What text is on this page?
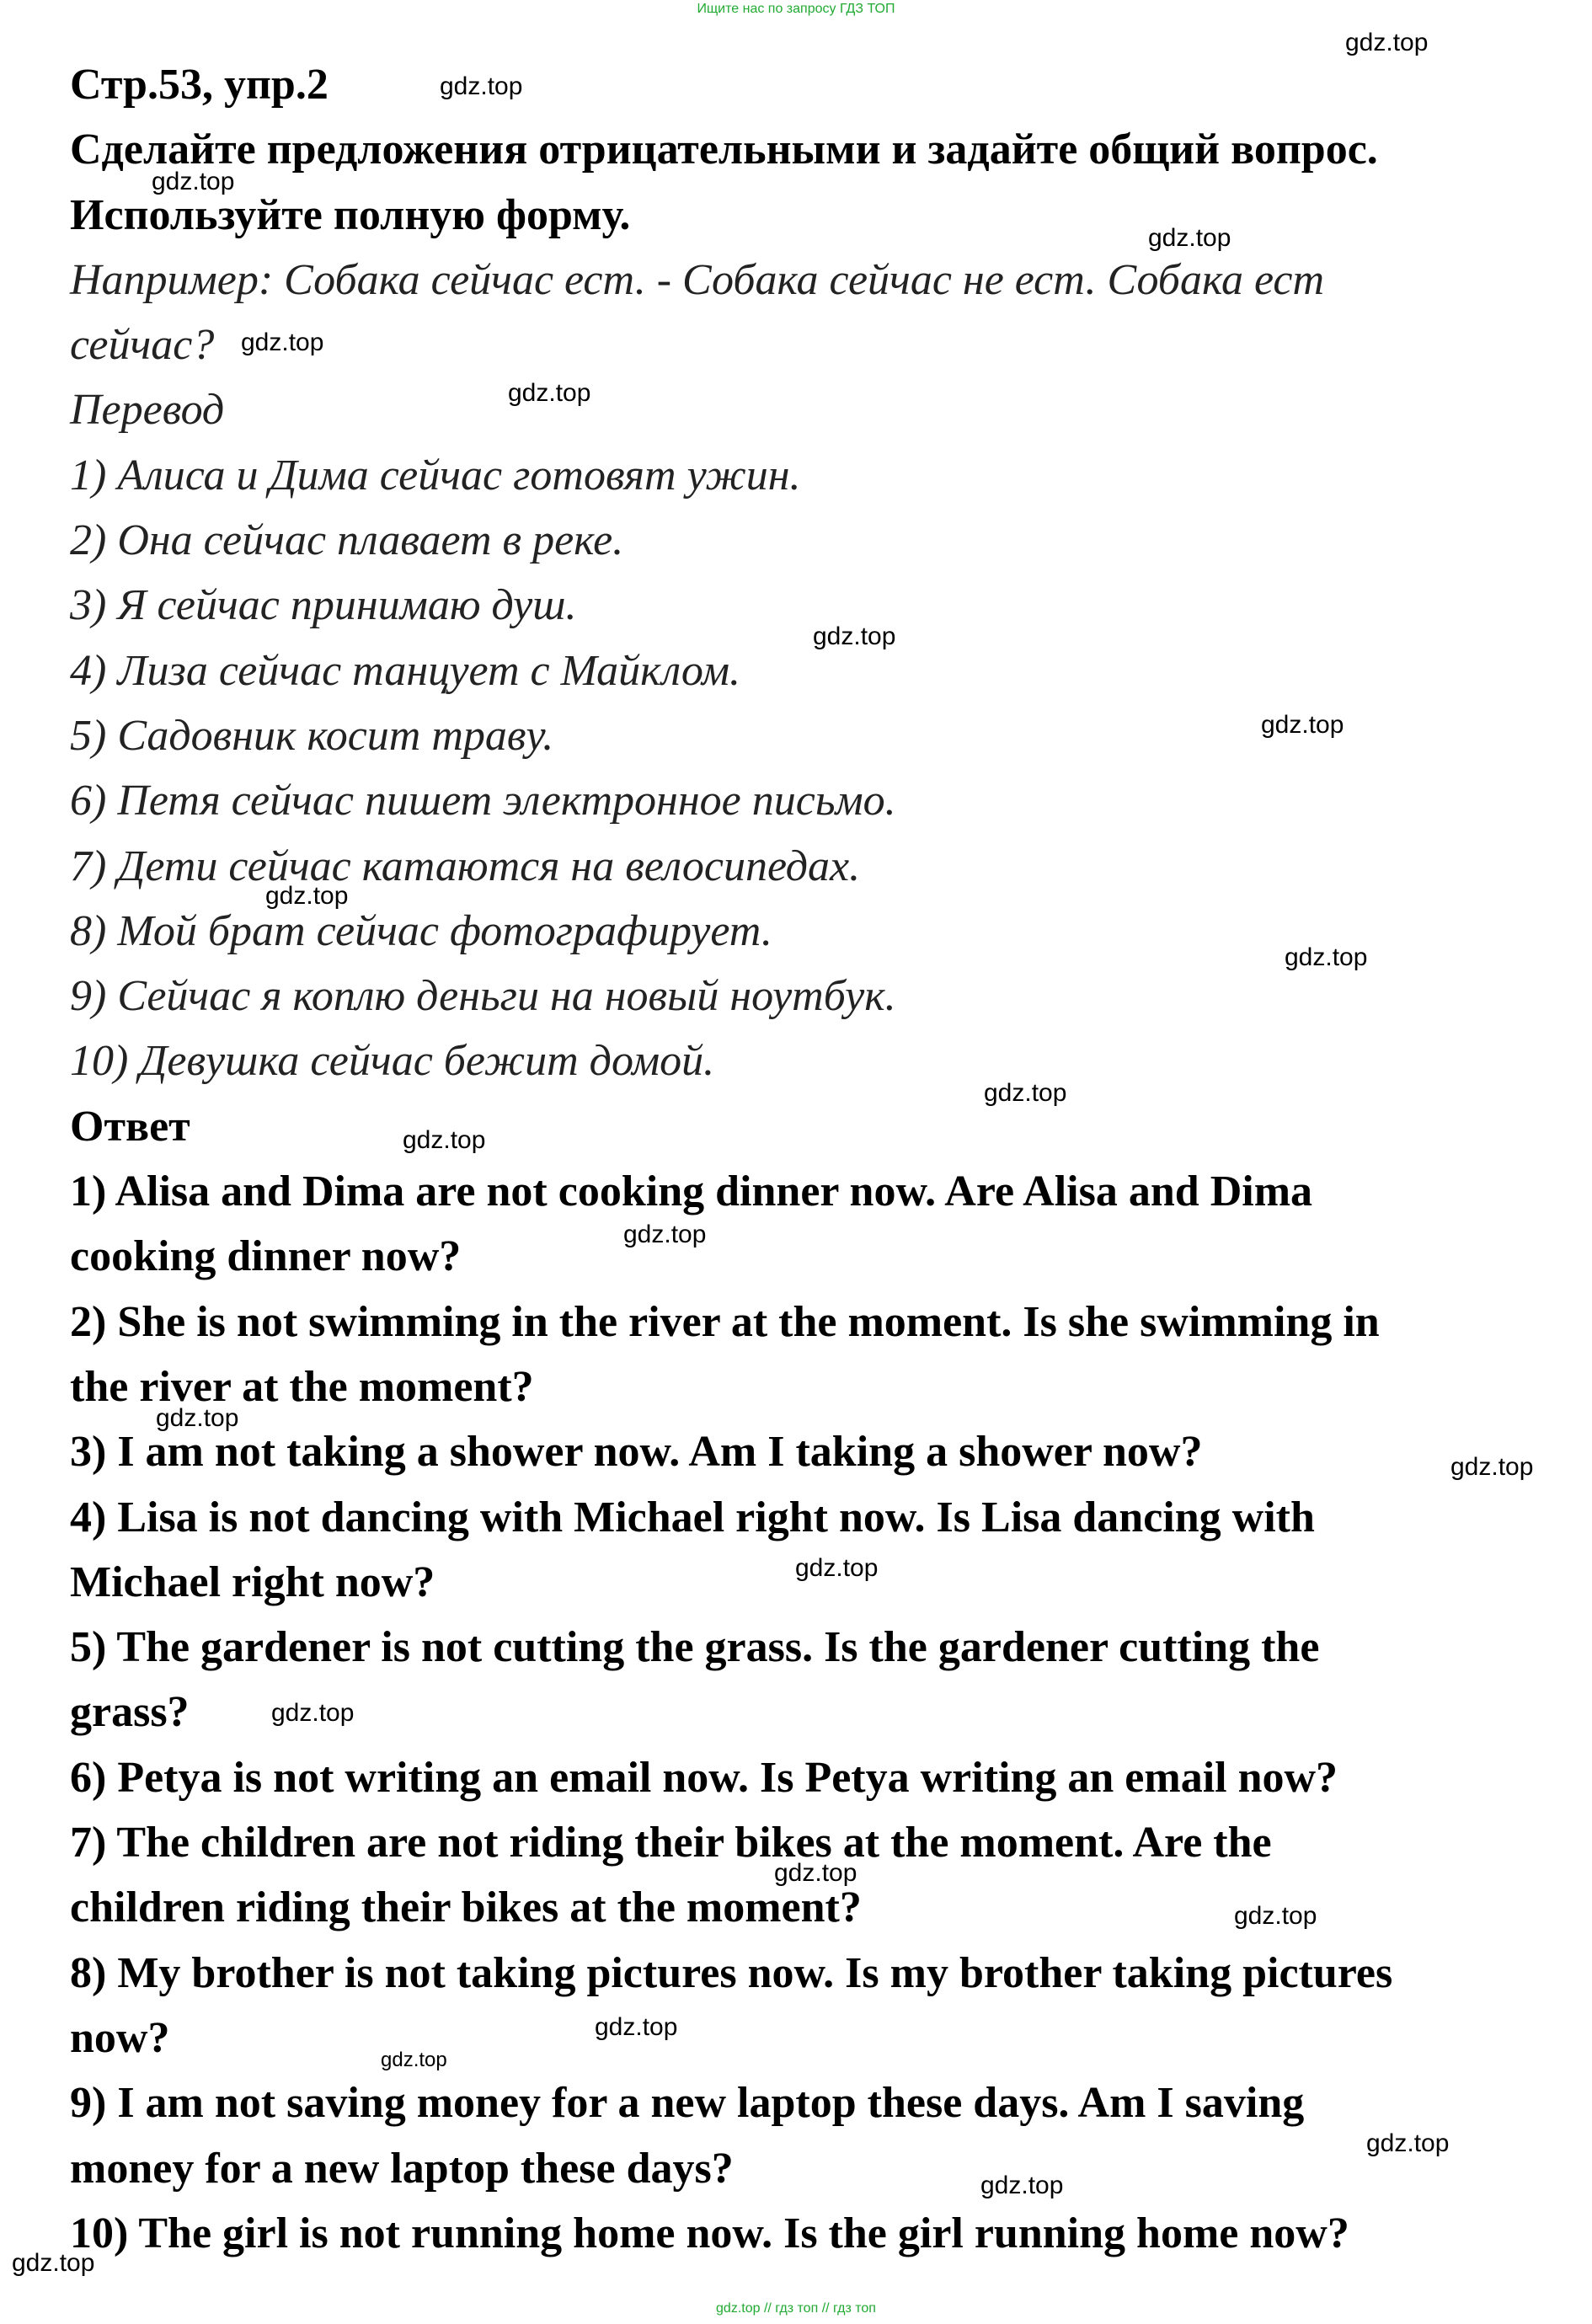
Ищите нас по запросу ГДЗ ТОП
Стр.53, упр.2
Сделайте предложения отрицательными и задайте общий вопрос.
Используйте полную форму.
Например: Собака сейчас ест. - Собака сейчас не ест. Собака ест
сейчас?
Перевод
1) Алиса и Дима сейчас готовят ужин.
2) Она сейчас плавает в реке.
3) Я сейчас принимаю душ.
4) Лиза сейчас танцует с Майклом.
5) Садовник косит траву.
6) Петя сейчас пишет электронное письмо.
7) Дети сейчас катаются на велосипедах.
8) Мой брат сейчас фотографирует.
9) Сейчас я коплю деньги на новый ноутбук.
10) Девушка сейчас бежит домой.
Ответ
1) Alisa and Dima are not cooking dinner now. Are Alisa and Dima
cooking dinner now?
2) She is not swimming in the river at the moment. Is she swimming in
the river at the moment?
3) I am not taking a shower now. Am I taking a shower now?
4) Lisa is not dancing with Michael right now. Is Lisa dancing with
Michael right now?
5) The gardener is not cutting the grass. Is the gardener cutting the
grass?
6) Petya is not writing an email now. Is Petya writing an email now?
7) The children are not riding their bikes at the moment. Are the
children riding their bikes at the moment?
8) My brother is not taking pictures now. Is my brother taking pictures
now?
9) I am not saving money for a new laptop these days. Am I saving
money for a new laptop these days?
10) The girl is not running home now. Is the girl running home now?
gdz.top
gdz.top
gdz.top
gdz.top
gdz.top
gdz.top
gdz.top
gdz.top
gdz.top
gdz.top
gdz.top
gdz.top
gdz.top
gdz.top
gdz.top
gdz.top
gdz.top
gdz.top
gdz.top
gdz.top
gdz.top
gdz.top
gdz.top
gdz.top
gdz.top // гдз топ // гдз топ
